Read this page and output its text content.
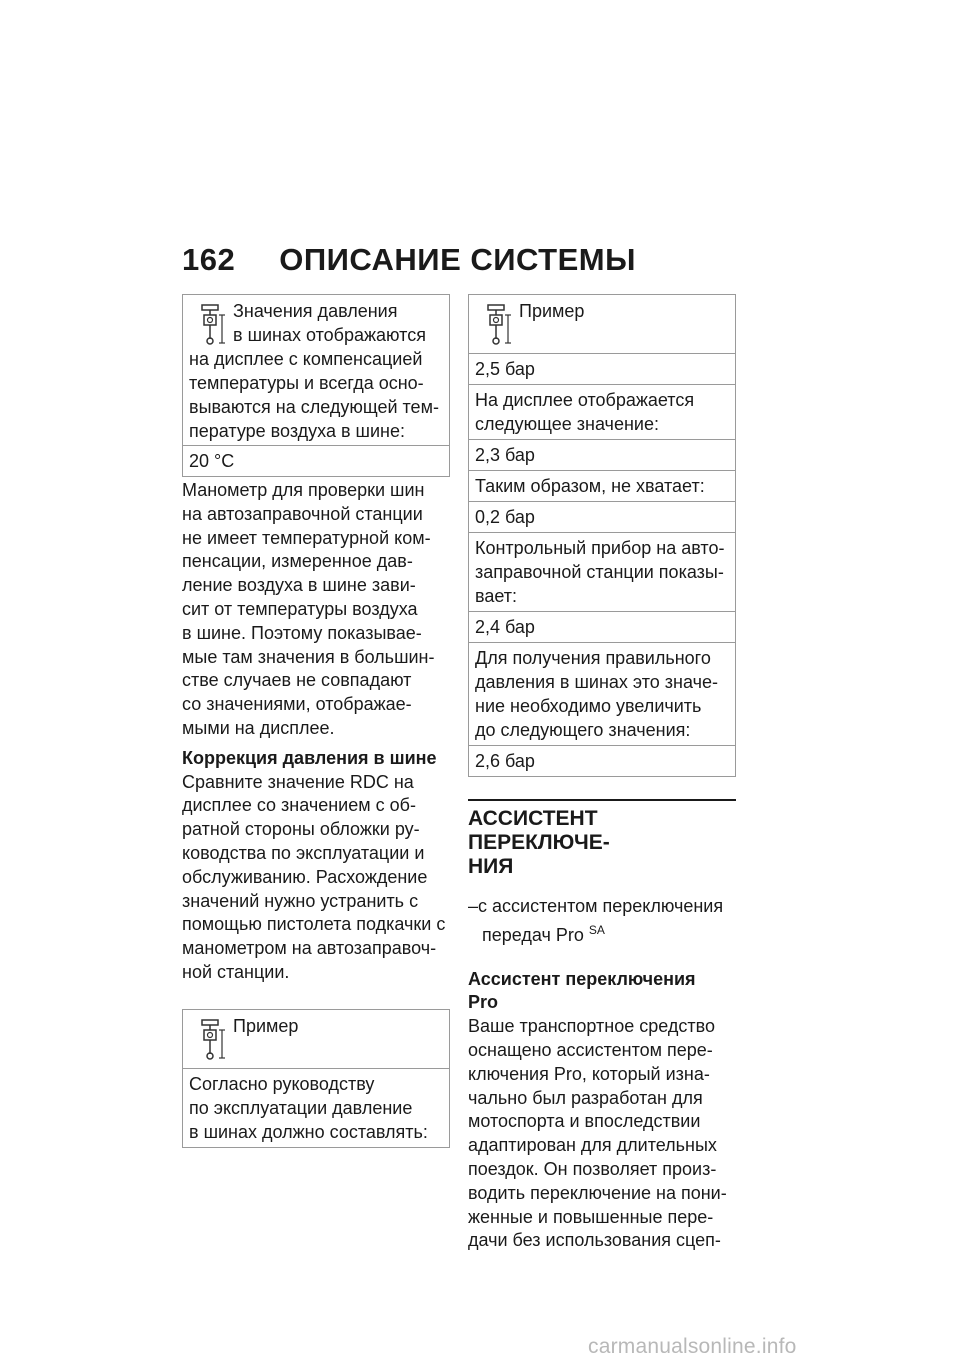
162 ОПИСАНИЕ СИСТЕМЫ
Значения давления
в шинах отображаются
на дисплее с компенсацией
температуры и всегда осно-
вываются на следующей тем-
пературе воздуха в шине:
20 °C

Манометр для проверки шин

на автозаправочной станции

не имеет температурной ком-

пенсации, измеренное дав-

ление воздуха в шине зави-

сит от температуры воздуха

в шине. Поэтому показывае-

мые там значения в большин-

стве случаев не совпадают

со значениями, отображае-

мыми на дисплее.

Коррекция давления в шине

Сравните значение RDC на

дисплее со значением с об-

ратной стороны обложки ру-

ководства по эксплуатации и

обслуживанию. Расхождение

значений нужно устранить с

помощью пистолета подкачки с

манометром на автозаправоч-

ной станции.

Пример
Согласно руководству
по эксплуатации давление
в шинах должно составлять:
Пример
2,5 бар
На дисплее отображается
следующее значение:
2,3 бар
Таким образом, не хватает:
0,2 бар
Контрольный прибор на авто-
заправочной станции показы-
вает:
2,4 бар
Для получения правильного
давления в шинах это значе-
ние необходимо увеличить
до следующего значения:
2,6 бар
АССИСТЕНТ ПЕРЕКЛЮЧЕ-
НИЯ
–с ассистентом переключения
передач Pro $^{SA}$
Ассистент переключения
Pro

Ваше транспортное средство

оснащено ассистентом пере-

ключения Pro, который изна-

чально был разработан для

мотоспорта и впоследствии

адаптирован для длительных

поездок. Он позволяет произ-

водить переключение на пони-

женные и повышенные пере-

дачи без использования сцеп-

carmanualsonline.info
